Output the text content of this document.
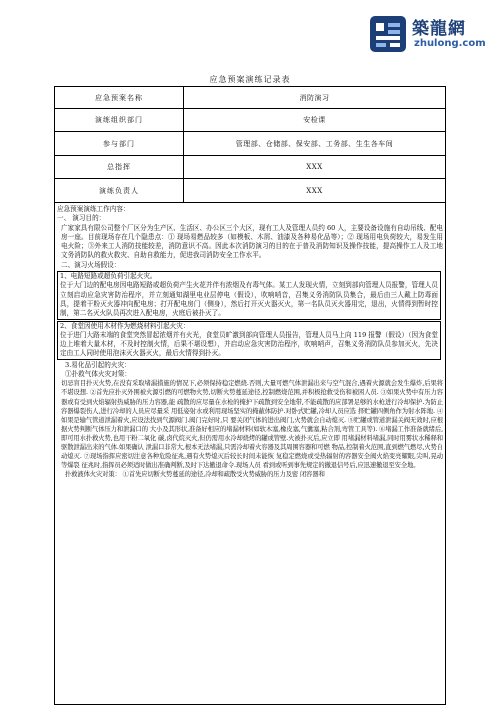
築龍網
zhulong.com
应急预案演练记录表
应急预案名称	消防演习
演练组织部门	安检课
参与部门	管理部、仓储部、保安部、工务部、生生各车间
总指挥	XXX
演练负责人	XXX

应急预案演练工作内容：

一、 演习目的：

广家家具有限公司整个厂区分为生产区、生活区、办公区三个大区，现有工人及管理人员约 60 人，主要设备设施有自动吊线、配电房一座。目前现场存在几个隐患点：① 现场易燃品较多（如模板、木屑、油漆及各种易化品等）；② 现场用电负荷较大，易发生用电火险；③外来工人消防技能较差，消防意识不高。因此本次消防演习的目的在于普及消防知识及操作技能，提高操作工人及工地文务消防队的救火救灾、自助自救能力，促进我司消防安全工作水平。

二、演习火场假设：

1、电路短路或超负荷引起火灾。

位于大门边的配电房因电路短路或超负荷产生火花并伴有浓烟及有毒气体。某工人发现火情，立刻到部向管理人员报警，管理人员立刻启动应急灾害防治程序，并立刻通知湖里电业层停电（假设），吹响哨音，召集义务消防队员集合，最后由三人戴上防毒面具，提着干粉灭火器冲向配电房；打开配电房门（侧身），然后打开灭火器灭火，第一名队员灭火器用完，退出，火情得到暂时控制，第二名灭火队员再次进入配电房，火庭后被扑灭了。

2、食堂因使用木材作为燃烧材料引起火灾：

位于进门大路末端的食堂突然冒起浓烟并有火光，食堂员旷激到部向管理人员报告，管理人员马上向 119 报警（假设）（因为食堂边上堆着大量木材，不及时控制火情，后果不堪设想），并启动应急灾害防治程序，吹响哨声，召集义务消防队员参加灭火，先决定由工人同时使用泡沫灭火器灭火，最后火情得到扑灭。

3.易化品引起的火灾：

①扑救气体火灾对策：

切忌盲目扑灭火势,在没有采取堵漏措施的情况下,必须保持稳定燃烧.否则,大量可燃气体泄漏出来与空气混合,遇着火源就会发生爆炸,后果将不堪设想. ②首先应扑灭外围被火源引燃的可燃物火势,切断火势蔓延途径,控制燃烧范围,并积极抢救受伤和被困人员. ③如果火势中有压力容器或有受到火焰辐射热威胁的压力容器,能 疏散的应尽量在水枪的掩护下疏散到安全地带,不能疏散的应部署足够的水枪进行冷却保护.为防止容器爆裂伤人,进行冷却的人员应尽量采 用低姿射水或利用现场坚实的掩蔽体防护.对卧式贮罐,冷却人员应选 择贮罐四侧角作为射水阵地. ④如果是输气管道泄漏着火,应设法找到气源阀门.阀门完好时,只 要关闭气体的进出阀门,火势就会自动熄灭. ⑤贮罐或管道泄漏关阀无效时,应根据火势判断气体压力和泄漏口的 大小及其形状,准备好相应的堵漏材料(如软木塞,橡皮塞,气囊塞,粘合剂,弯管工具等). ⑥堵漏工作准备就绪后,即可用水扑救火势,也用干粉二氧化 碳,卤代烷灭火,但仍需用水冷却烧烤的罐或管壁.火被扑灭后,应立即 用堵漏材料堵漏,同时用雾状水稀释和驱散泄漏出来的气体.如果确认 泄漏口非常大,根本无法堵漏,只需冷却着火容器及其周围容器和可燃 物品,控制着火范围,直到燃气燃尽,火势自动熄灭. ⑦现场指挥应密切注意各种危险征兆,遇有火势熄灭后较长时间未能恢 复稳定燃烧或受热辐射的容器安全阀火焰变亮耀眼,尖叫,晃动等爆裂 征兆时,指挥员必须适时做出准确判断,及时下达撤退命令.现场人员 看到或听到事先规定的撤退信号后,应迅速撤退至安全地。

扑救液体火灾对策： ①首先应切断火势蔓延的途径,冷却和疏散受火势威胁的压力及密 闭容器和
